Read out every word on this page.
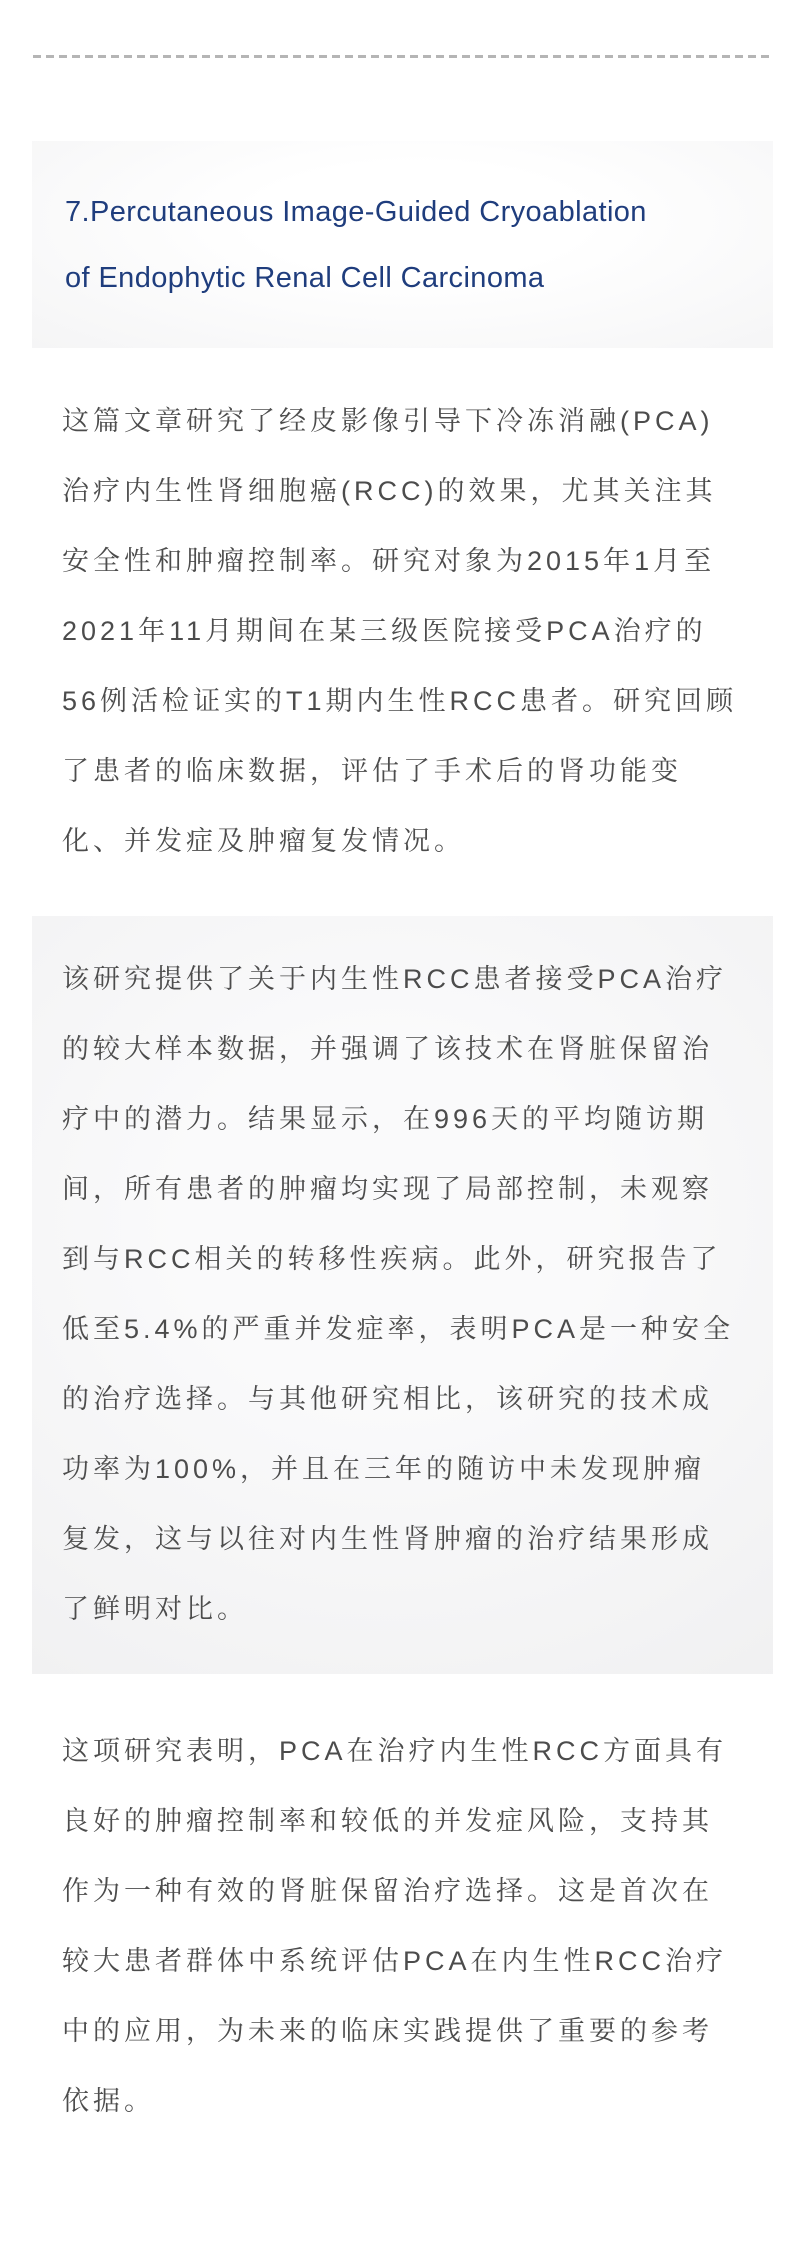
7.Percutaneous Image-Guided Cryoablation
of Endophytic Renal Cell Carcinoma
这篇文章研究了经皮影像引导下冷冻消融(PCA)
治疗内生性肾细胞癌(RCC)的效果，尤其关注其
安全性和肿瘤控制率。研究对象为2015年1月至
2021年11月期间在某三级医院接受PCA治疗的
56例活检证实的T1期内生性RCC患者。研究回顾
了患者的临床数据，评估了手术后的肾功能变
化、并发症及肿瘤复发情况。
该研究提供了关于内生性RCC患者接受PCA治疗
的较大样本数据，并强调了该技术在肾脏保留治
疗中的潜力。结果显示，在996天的平均随访期
间，所有患者的肿瘤均实现了局部控制，未观察
到与RCC相关的转移性疾病。此外，研究报告了
低至5.4%的严重并发症率，表明PCA是一种安全
的治疗选择。与其他研究相比，该研究的技术成
功率为100%，并且在三年的随访中未发现肿瘤
复发，这与以往对内生性肾肿瘤的治疗结果形成
了鲜明对比。
这项研究表明，PCA在治疗内生性RCC方面具有
良好的肿瘤控制率和较低的并发症风险，支持其
作为一种有效的肾脏保留治疗选择。这是首次在
较大患者群体中系统评估PCA在内生性RCC治疗
中的应用，为未来的临床实践提供了重要的参考
依据。
